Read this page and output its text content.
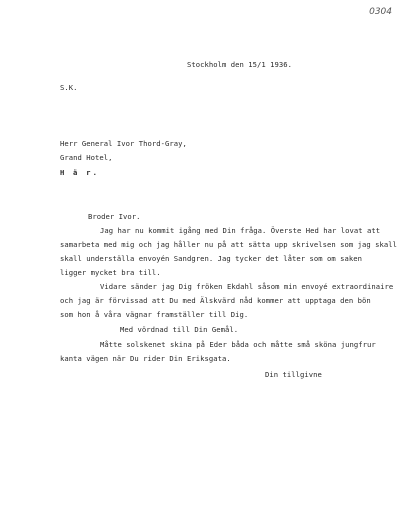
0304
Stockholm den 15/1 1936.
S.K.
Herr General Ivor Thord-Gray,
Grand Hotel,
H ä r.
Broder Ivor.
Jag har nu kommit igång med Din fråga. Överste Hed har lovat att
samarbeta med mig och jag håller nu på att sätta upp skrivelsen som jag skall
skall underställa envoyén Sandgren. Jag tycker det låter som om saken
ligger mycket bra till.
Vidare sänder jag Dig fröken Ekdahl såsom min envoyé extraordinaire
och jag är förvissad att Du med Älskvärd nåd kommer att upptaga den bön
som hon å våra vägnar framställer till Dig.
Med vördnad till Din Gemål.
Måtte solskenet skina på Eder båda och måtte små sköna jungfrur
kanta vägen när Du rider Din Eriksgata.
Din tillgivne
